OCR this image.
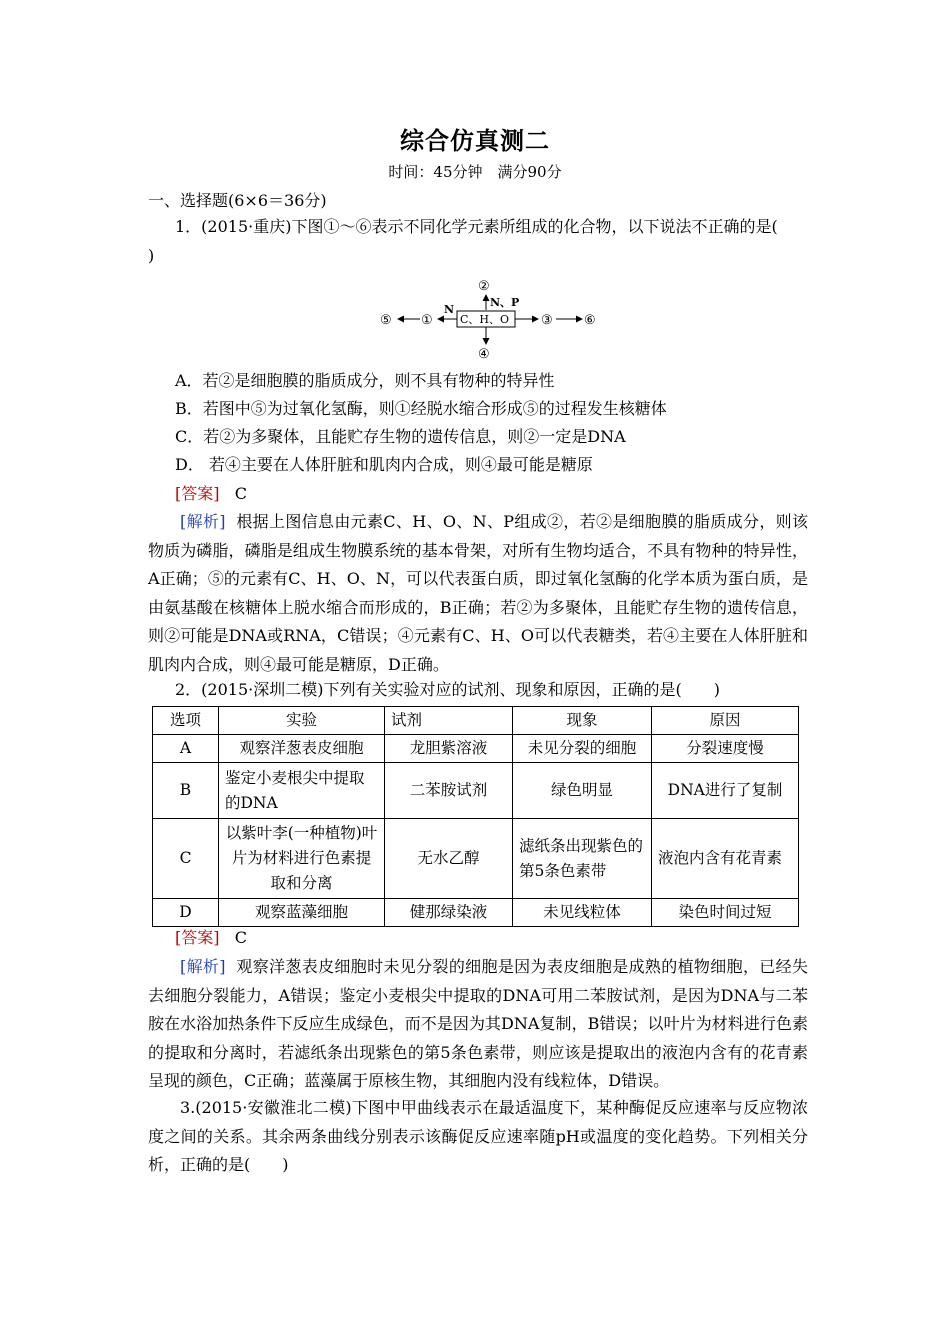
综合仿真测二
时间：45分钟　满分90分
一、选择题(6×6＝36分)
1．(2015·重庆)下图①～⑥表示不同化学元素所组成的化合物，以下说法不正确的是(
)
②
N、P
⑤ ①
N
C、H、O ③ ⑥
④
A．若②是细胞膜的脂质成分，则不具有物种的特异性
B．若图中⑤为过氧化氢酶，则①经脱水缩合形成⑤的过程发生核糖体
C．若②为多聚体，且能贮存生物的遗传信息，则②一定是DNA
D． 若④主要在人体肝脏和肌肉内合成，则④最可能是糖原
[答案] C
[解析] 根据上图信息由元素C、H、O、N、P组成②，若②是细胞膜的脂质成分，则该物质为磷脂，磷脂是组成生物膜系统的基本骨架，对所有生物均适合，不具有物种的特异性，A正确；⑤的元素有C、H、O、N，可以代表蛋白质，即过氧化氢酶的化学本质为蛋白质，是由氨基酸在核糖体上脱水缩合而形成的，B正确；若②为多聚体，且能贮存生物的遗传信息，则②可能是DNA或RNA，C错误；④元素有C、H、O可以代表糖类，若④主要在人体肝脏和肌肉内合成，则④最可能是糖原，D正确。
2．(2015·深圳二模)下列有关实验对应的试剂、现象和原因，正确的是(　　)
选项	实验	试剂	现象	原因
A	观察洋葱表皮细胞	龙胆紫溶液	未见分裂的细胞	分裂速度慢
B	鉴定小麦根尖中提取的DNA	二苯胺试剂	绿色明显	DNA进行了复制
C	以紫叶李(一种植物)叶片为材料进行色素提取和分离	无水乙醇	滤纸条出现紫色的第5条色素带	液泡内含有花青素
D	观察蓝藻细胞	健那绿染液	未见线粒体	染色时间过短
[答案] C
[解析] 观察洋葱表皮细胞时未见分裂的细胞是因为表皮细胞是成熟的植物细胞，已经失去细胞分裂能力，A错误；鉴定小麦根尖中提取的DNA可用二苯胺试剂，是因为DNA与二苯胺在水浴加热条件下反应生成绿色，而不是因为其DNA复制，B错误；以叶片为材料进行色素的提取和分离时，若滤纸条出现紫色的第5条色素带，则应该是提取出的液泡内含有的花青素呈现的颜色，C正确；蓝藻属于原核生物，其细胞内没有线粒体，D错误。
3.(2015·安徽淮北二模)下图中甲曲线表示在最适温度下，某种酶促反应速率与反应物浓度之间的关系。其余两条曲线分别表示该酶促反应速率随pH或温度的变化趋势。下列相关分析，正确的是(　　)
